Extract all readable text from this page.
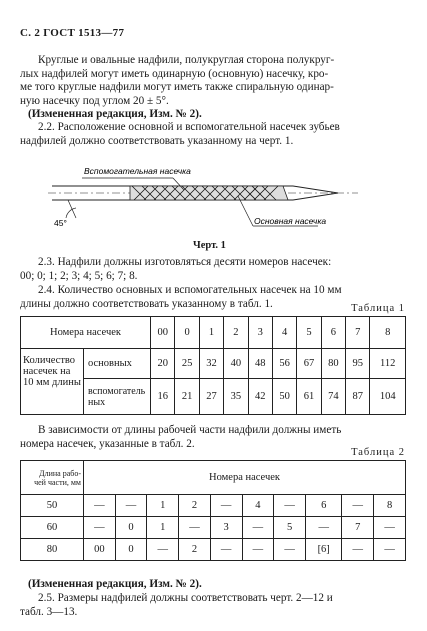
С. 2 ГОСТ 1513—77
Круглые и овальные надфили, полукруглая сторона полукруг-
лых надфилей могут иметь одинарную (основную) насечку, кро-
ме того круглые надфили могут иметь также спиральную одинар-
ную насечку под углом 20 ± 5°.
(Измененная редакция, Изм. № 2).
2.2. Расположение основной и вспомогательной насечек зубьев
надфилей должно соответствовать указанному на черт. 1.
Вспомогательная насечка
Основная насечка
45°
Черт. 1
2.3. Надфили должны изготовляться десяти номеров насечек:
00; 0; 1; 2; 3; 4; 5; 6; 7; 8.
2.4. Количество основных и вспомогательных насечек на 10 мм
длины должно соответствовать указанному в табл. 1.	Таблица 1
Номера насечек		00	0	1	2	3	4	5	6	7	8
Количество насечек на 10 мм длины	основных	20	25	32	40	48	56	67	80	95	112
	вспомогательных	16	21	27	35	42	50	61	74	87	104
В зависимости от длины рабочей части надфили должны иметь
номера насечек, указанные в табл. 2.
Таблица 2
Длина рабо-
чей части, мм	Номера насечек									
50	—	—	1	2	—	4	—	6	—	8
60	—	0	1	—	3	—	5	—	7	—
80	00	0	—	2	—	—	—	[6]	—	—
(Измененная редакция, Изм. № 2).
2.5. Размеры надфилей должны соответствовать черт. 2—12 и
табл. 3—13.
